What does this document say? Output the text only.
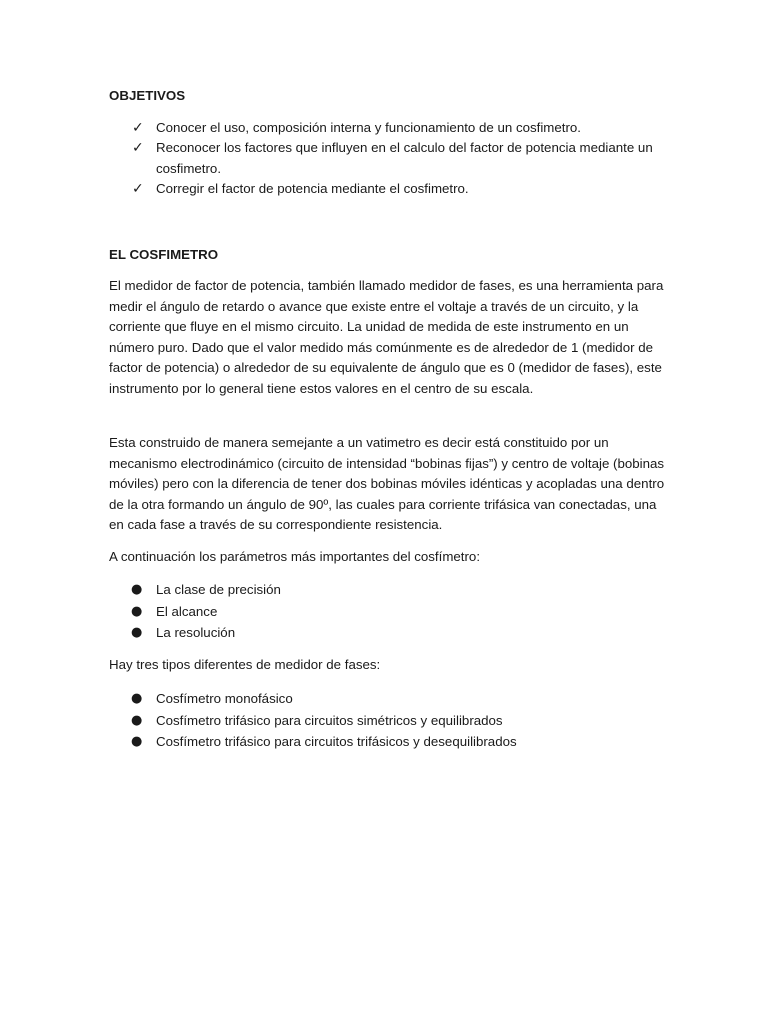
OBJETIVOS
✓ Conocer el uso, composición interna y funcionamiento de un cosfimetro.
✓ Reconocer los factores que influyen en el calculo del factor de potencia mediante un cosfimetro.
✓ Corregir el factor de potencia mediante el cosfimetro.
EL COSFIMETRO

El medidor de factor de potencia, también llamado medidor de fases, es una herramienta para medir el ángulo de retardo o avance que existe entre el voltaje a través de un circuito, y la corriente que fluye en el mismo circuito. La unidad de medida de este instrumento en un número puro. Dado que el valor medido más comúnmente es de alrededor de 1 (medidor de factor de potencia) o alrededor de su equivalente de ángulo que es 0 (medidor de fases), este instrumento por lo general tiene estos valores en el centro de su escala.

Esta construido de manera semejante a un vatimetro es decir está constituido por un mecanismo electrodinámico (circuito de intensidad “bobinas fijas”) y centro de voltaje (bobinas móviles) pero con la diferencia de tener dos bobinas móviles idénticas y acopladas una dentro de la otra formando un ángulo de 90º, las cuales para corriente trifásica van conectadas, una en cada fase a través de su correspondiente resistencia.

A continuación los parámetros más importantes del cosfímetro:

● La clase de precisión
● El alcance
● La resolución

Hay tres tipos diferentes de medidor de fases:

● Cosfímetro monofásico
● Cosfímetro trifásico para circuitos simétricos y equilibrados
● Cosfímetro trifásico para circuitos trifásicos y desequilibrados
